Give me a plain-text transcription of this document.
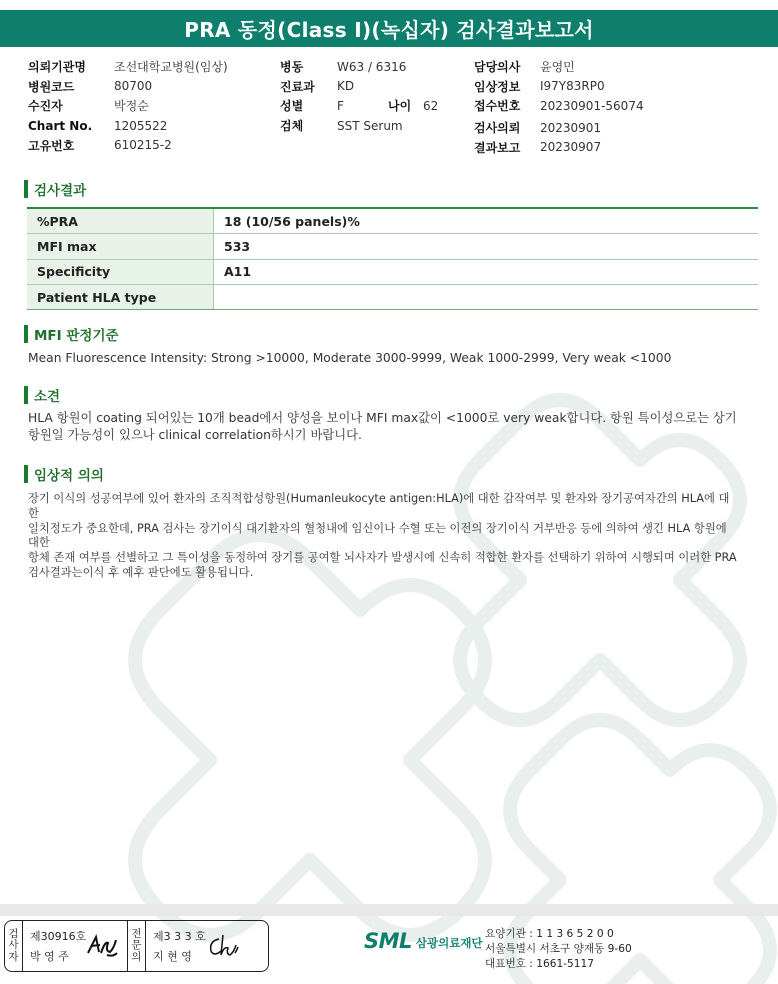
PRA 동정(Class I)(녹십자) 검사결과보고서
의뢰기관명	조선대학교병원(임상)
병원코드	80700
수진자	박정순
Chart No.	1205522
고유번호	610215-2
병동	W63 / 6316
진료과	KD
성별	F	나이 62
검체	SST Serum
담당의사	윤영민
임상정보	I97Y83RP0
접수번호	20230901-56074
검사의뢰	20230901
결과보고	20230907
검사결과
%PRA	18 (10/56 panels)%
MFI max	533
Specificity	A11
Patient HLA type
MFI 판정기준
Mean Fluorescence Intensity: Strong >10000, Moderate 3000-9999, Weak 1000-2999, Very weak <1000
소견
HLA 항원이 coating 되어있는 10개 bead에서 양성을 보이나 MFI max값이 <1000로 very weak합니다. 항원 특이성으로는 상기
항원일 가능성이 있으나 clinical correlation하시기 바랍니다.
임상적 의의
장기 이식의 성공여부에 있어 환자의 조직적합성항원(Humanleukocyte antigen:HLA)에 대한 감작여부 및 환자와 장기공여자간의 HLA에 대한
일치정도가 중요한데, PRA 검사는 장기이식 대기환자의 혈청내에 임신이나 수혈 또는 이전의 장기이식 거부반응 등에 의하여 생긴 HLA 항원에 대한
항체 존재 여부를 선별하고 그 특이성을 동정하여 장기를 공여할 뇌사자가 발생시에 신속히 적합한 환자를 선택하기 위하여 시행되며 이러한 PRA
검사결과는이식 후 예후 판단에도 활용됩니다.
검
사
자
제30916호
박 영 주
전
문
의
제3 3 3 호
지 현 영
SML 삼광의료재단
요양기관 : 1 1 3 6 5 2 0 0
서울특별시 서초구 양재동 9-60
대표번호 : 1661-5117
